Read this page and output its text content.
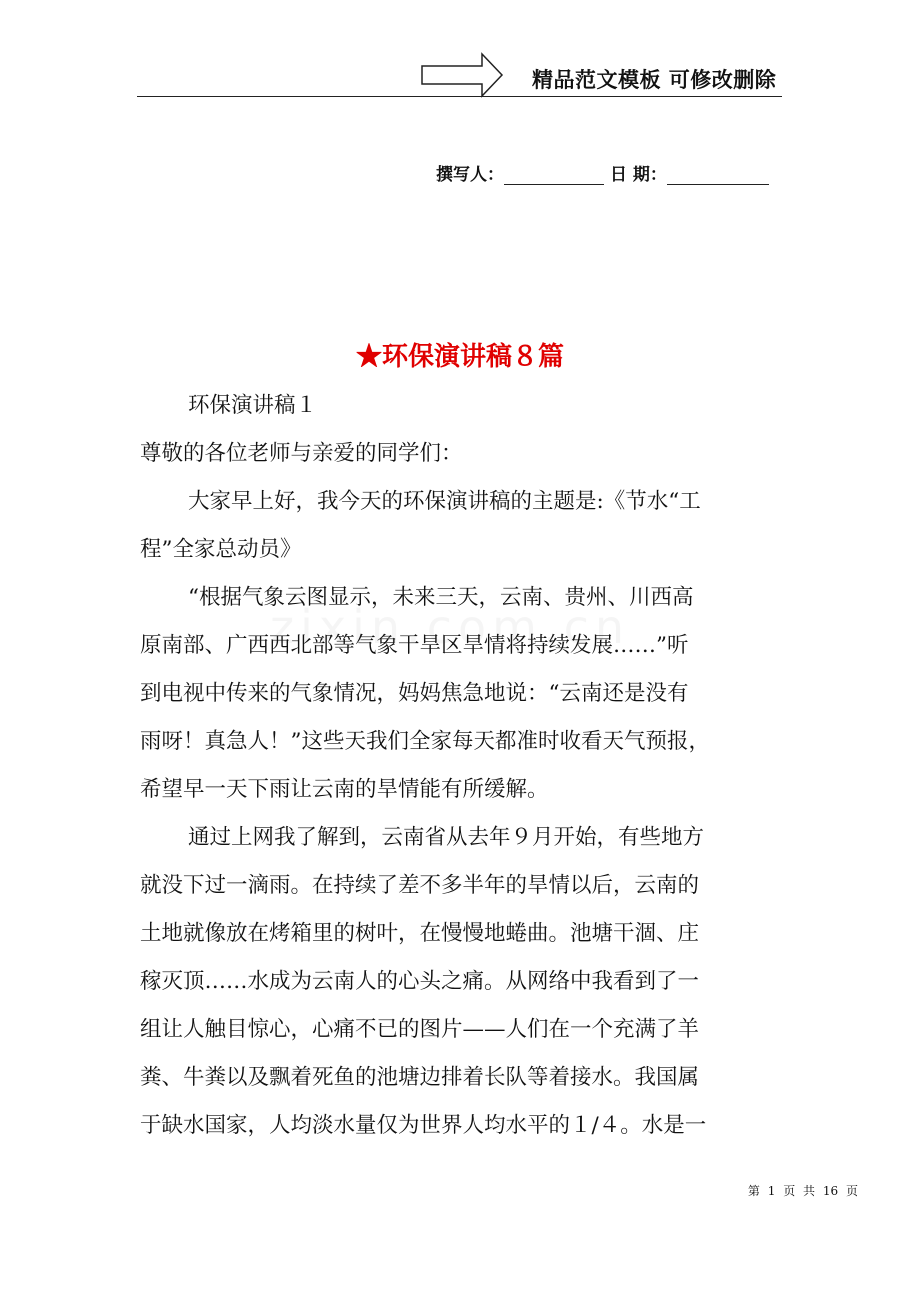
精品范文模板 可修改删除
撰写人：	日 期：
★环保演讲稿８篇
环保演讲稿１
尊敬的各位老师与亲爱的同学们：
大家早上好，我今天的环保演讲稿的主题是:《节水“工
程”全家总动员》
“根据气象云图显示，未来三天，云南、贵州、川西高
原南部、广西西北部等气象干旱区旱情将持续发展……”听
到电视中传来的气象情况，妈妈焦急地说：“云南还是没有
雨呀！真急人！”这些天我们全家每天都准时收看天气预报，
希望早一天下雨让云南的旱情能有所缓解。
通过上网我了解到，云南省从去年９月开始，有些地方
就没下过一滴雨。在持续了差不多半年的旱情以后，云南的
土地就像放在烤箱里的树叶，在慢慢地蜷曲。池塘干涸、庄
稼灭顶……水成为云南人的心头之痛。从网络中我看到了一
组让人触目惊心，心痛不已的图片——人们在一个充满了羊
粪、牛粪以及飘着死鱼的池塘边排着长队等着接水。我国属
于缺水国家，人均淡水量仅为世界人均水平的１/４。水是一
第 1 页 共 16 页
